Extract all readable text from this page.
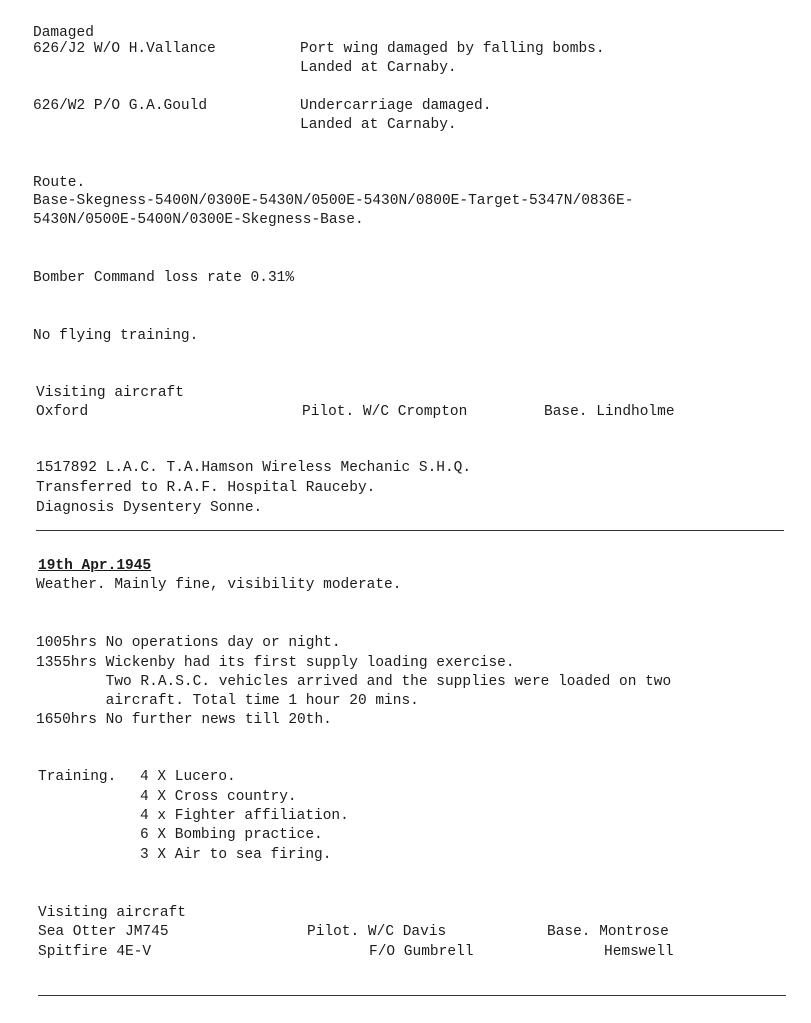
Damaged
626/J2 W/O H.Vallance	Port wing damaged by falling bombs.
Landed at Carnaby.
626/W2 P/O G.A.Gould	Undercarriage damaged.
Landed at Carnaby.
Route.
Base-Skegness-5400N/0300E-5430N/0500E-5430N/0800E-Target-5347N/0836E-
5430N/0500E-5400N/0300E-Skegness-Base.
Bomber Command loss rate 0.31%
No flying training.
Visiting aircraft
Oxford	Pilot. W/C Crompton	Base. Lindholme
1517892 L.A.C. T.A.Hamson Wireless Mechanic S.H.Q.
Transferred to R.A.F. Hospital Rauceby.
Diagnosis Dysentery Sonne.
19th Apr.1945
Weather. Mainly fine, visibility moderate.
1005hrs No operations day or night.
1355hrs Wickenby had its first supply loading exercise.
Two R.A.S.C. vehicles arrived and the supplies were loaded on two
aircraft. Total time 1 hour 20 mins.
1650hrs No further news till 20th.
Training. 4 X Lucero.
4 X Cross country.
4 x Fighter affiliation.
6 X Bombing practice.
3 X Air to sea firing.
Visiting aircraft
Sea Otter JM745	Pilot. W/C Davis	Base. Montrose
Spitfire 4E-V	F/O Gumbrell	Hemswell
